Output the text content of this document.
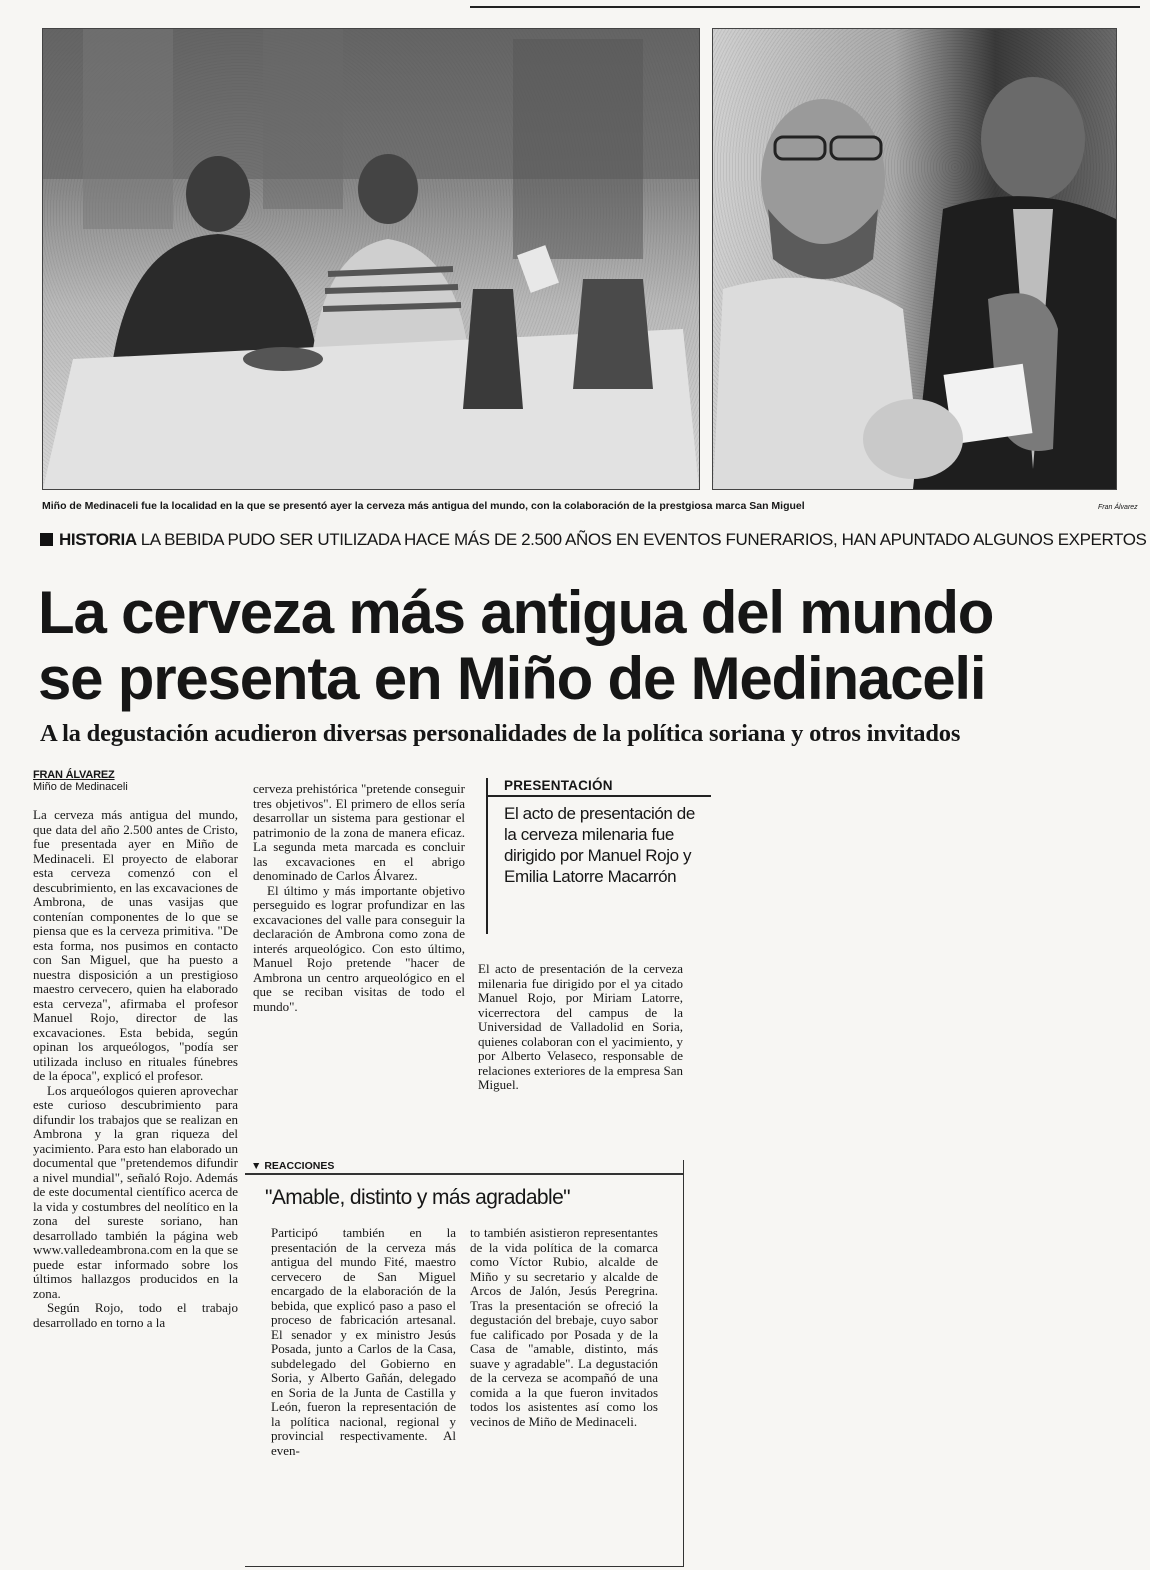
Miño de Medinaceli fue la localidad en la que se presentó ayer la cerveza más antigua del mundo, con la colaboración de la prestgiosa marca San Miguel	Fran Álvarez
HISTORIA LA BEBIDA PUDO SER UTILIZADA HACE MÁS DE 2.500 AÑOS EN EVENTOS FUNERARIOS, HAN APUNTADO ALGUNOS EXPERTOS
La cerveza más antigua del mundo
se presenta en Miño de Medinaceli
A la degustación acudieron diversas personalidades de la política soriana y otros invitados
FRAN ÁLVAREZ
Miño de Medinaceli

La cerveza más antigua del mundo, que data del año 2.500 antes de Cristo, fue presentada ayer en Miño de Medinaceli. El proyecto de elaborar esta cerveza comenzó con el descubrimiento, en las excavaciones de Ambrona, de unas vasijas que contenían componentes de lo que se piensa que es la cerveza primitiva. "De esta forma, nos pusimos en contacto con San Miguel, que ha puesto a nuestra disposición a un prestigioso maestro cervecero, quien ha elaborado esta cerveza", afirmaba el profesor Manuel Rojo, director de las excavaciones. Esta bebida, según opinan los arqueólogos, "podía ser utilizada incluso en rituales fúnebres de la época", explicó el profesor.

Los arqueólogos quieren aprovechar este curioso descubrimiento para difundir los trabajos que se realizan en Ambrona y la gran riqueza del yacimiento. Para esto han elaborado un documental que "pretendemos difundir a nivel mundial", señaló Rojo. Además de este documental científico acerca de la vida y costumbres del neolítico en la zona del sureste soriano, han desarrollado también la página web www.valledeambrona.com en la que se puede estar informado sobre los últimos hallazgos producidos en la zona.

Según Rojo, todo el trabajo desarrollado en torno a la

cerveza prehistórica "pretende conseguir tres objetivos". El primero de ellos sería desarrollar un sistema para gestionar el patrimonio de la zona de manera eficaz. La segunda meta marcada es concluir las excavaciones en el abrigo denominado de Carlos Álvarez.

El último y más importante objetivo perseguido es lograr profundizar en las excavaciones del valle para conseguir la declaración de Ambrona como zona de interés arqueológico. Con esto último, Manuel Rojo pretende "hacer de Ambrona un centro arqueológico en el que se reciban visitas de todo el mundo".

PRESENTACIÓN
El acto de presentación de la cerveza milenaria fue dirigido por Manuel Rojo y Emilia Latorre Macarrón

El acto de presentación de la cerveza milenaria fue dirigido por el ya citado Manuel Rojo, por Miriam Latorre, vicerrectora del campus de la Universidad de Valladolid en Soria, quienes colaboran con el yacimiento, y por Alberto Velaseco, responsable de relaciones exteriores de la empresa San Miguel.

▼ REACCIONES
"Amable, distinto y más agradable"

Participó también en la presentación de la cerveza más antigua del mundo Fité, maestro cervecero de San Miguel encargado de la elaboración de la bebida, que explicó paso a paso el proceso de fabricación artesanal. El senador y ex ministro Jesús Posada, junto a Carlos de la Casa, subdelegado del Gobierno en Soria, y Alberto Gañán, delegado en Soria de la Junta de Castilla y León, fueron la representación de la política nacional, regional y provincial respectivamente. Al even-

to también asistieron representantes de la vida política de la comarca como Víctor Rubio, alcalde de Miño y su secretario y alcalde de Arcos de Jalón, Jesús Peregrina. Tras la presentación se ofreció la degustación del brebaje, cuyo sabor fue calificado por Posada y de la Casa de "amable, distinto, más suave y agradable". La degustación de la cerveza se acompañó de una comida a la que fueron invitados todos los asistentes así como los vecinos de Miño de Medinaceli.
